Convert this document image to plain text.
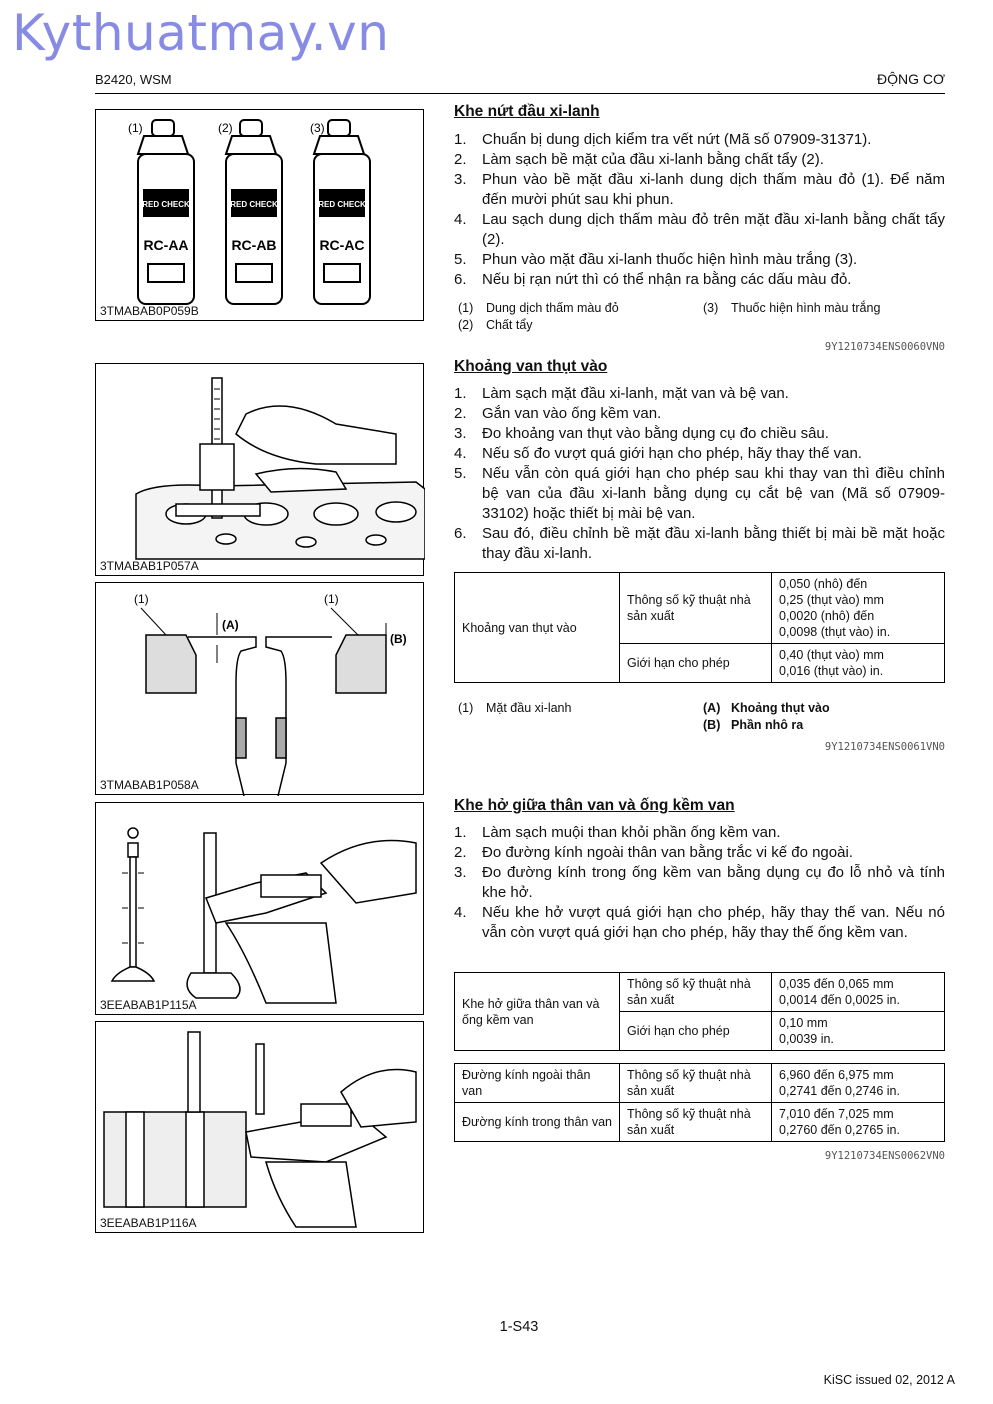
Kythuatmay.vn
B2420, WSM	ĐỘNG CƠ
(1)	(2)	(3)
RED CHECK	RED CHECK	RED CHECK
RC-AA	RC-AB	RC-AC
3TMABAB0P059B
3TMABAB1P057A
(1)	(1)
(A)
(B)
3TMABAB1P058A
3EEABAB1P115A
3EEABAB1P116A
Khe nứt đầu xi-lanh
1. Chuẩn bị dung dịch kiểm tra vết nứt (Mã số 07909-31371).
2. Làm sạch bề mặt của đầu xi-lanh bằng chất tẩy (2).
3. Phun vào bề mặt đầu xi-lanh dung dịch thấm màu đỏ (1). Để năm đến mười phút sau khi phun.
4. Lau sạch dung dịch thấm màu đỏ trên mặt đầu xi-lanh bằng chất tẩy (2).
5. Phun vào mặt đầu xi-lanh thuốc hiện hình màu trắng (3).
6. Nếu bị rạn nứt thì có thể nhận ra bằng các dấu màu đỏ.
(1) Dung dịch thấm màu đỏ	(3) Thuốc hiện hình màu trắng
(2) Chất tẩy
9Y1210734ENS0060VN0
Khoảng van thụt vào
1. Làm sạch mặt đầu xi-lanh, mặt van và bệ van.
2. Gắn van vào ống kềm van.
3. Đo khoảng van thụt vào bằng dụng cụ đo chiều sâu.
4. Nếu số đo vượt quá giới hạn cho phép, hãy thay thế van.
5. Nếu vẫn còn quá giới hạn cho phép sau khi thay van thì điều chỉnh bệ van của đầu xi-lanh bằng dụng cụ cắt bệ van (Mã số 07909-33102) hoặc thiết bị mài bệ van.
6. Sau đó, điều chỉnh bề mặt đầu xi-lanh bằng thiết bị mài bề mặt hoặc thay đầu xi-lanh.
Khoảng van thụt vào	Thông số kỹ thuật nhà sản xuất	0,050 (nhô) đến
0,25 (thụt vào) mm
0,0020 (nhô) đến
0,0098 (thụt vào) in.

	Giới hạn cho phép	0,40 (thụt vào) mm
0,016 (thụt vào) in.
(1) Mặt đầu xi-lanh	(A) Khoảng thụt vào
(B) Phần nhô ra
9Y1210734ENS0061VN0
Khe hở giữa thân van và ống kềm van
1. Làm sạch muội than khỏi phần ống kềm van.
2. Đo đường kính ngoài thân van bằng trắc vi kế đo ngoài.
3. Đo đường kính trong ống kềm van bằng dụng cụ đo lỗ nhỏ và tính khe hở.
4. Nếu khe hở vượt quá giới hạn cho phép, hãy thay thế van. Nếu nó vẫn còn vượt quá giới hạn cho phép, hãy thay thế ống kềm van.
Khe hở giữa thân van và ống kềm van	Thông số kỹ thuật nhà sản xuất	0,035 đến 0,065 mm
0,0014 đến 0,0025 in.

	Giới hạn cho phép	0,10 mm
0,0039 in.
Đường kính ngoài thân van	Thông số kỹ thuật nhà sản xuất	6,960 đến 6,975 mm
0,2741 đến 0,2746 in.

Đường kính trong thân van	Thông số kỹ thuật nhà sản xuất	7,010 đến 7,025 mm
0,2760 đến 0,2765 in.
9Y1210734ENS0062VN0
1-S43
KiSC issued 02, 2012 A
